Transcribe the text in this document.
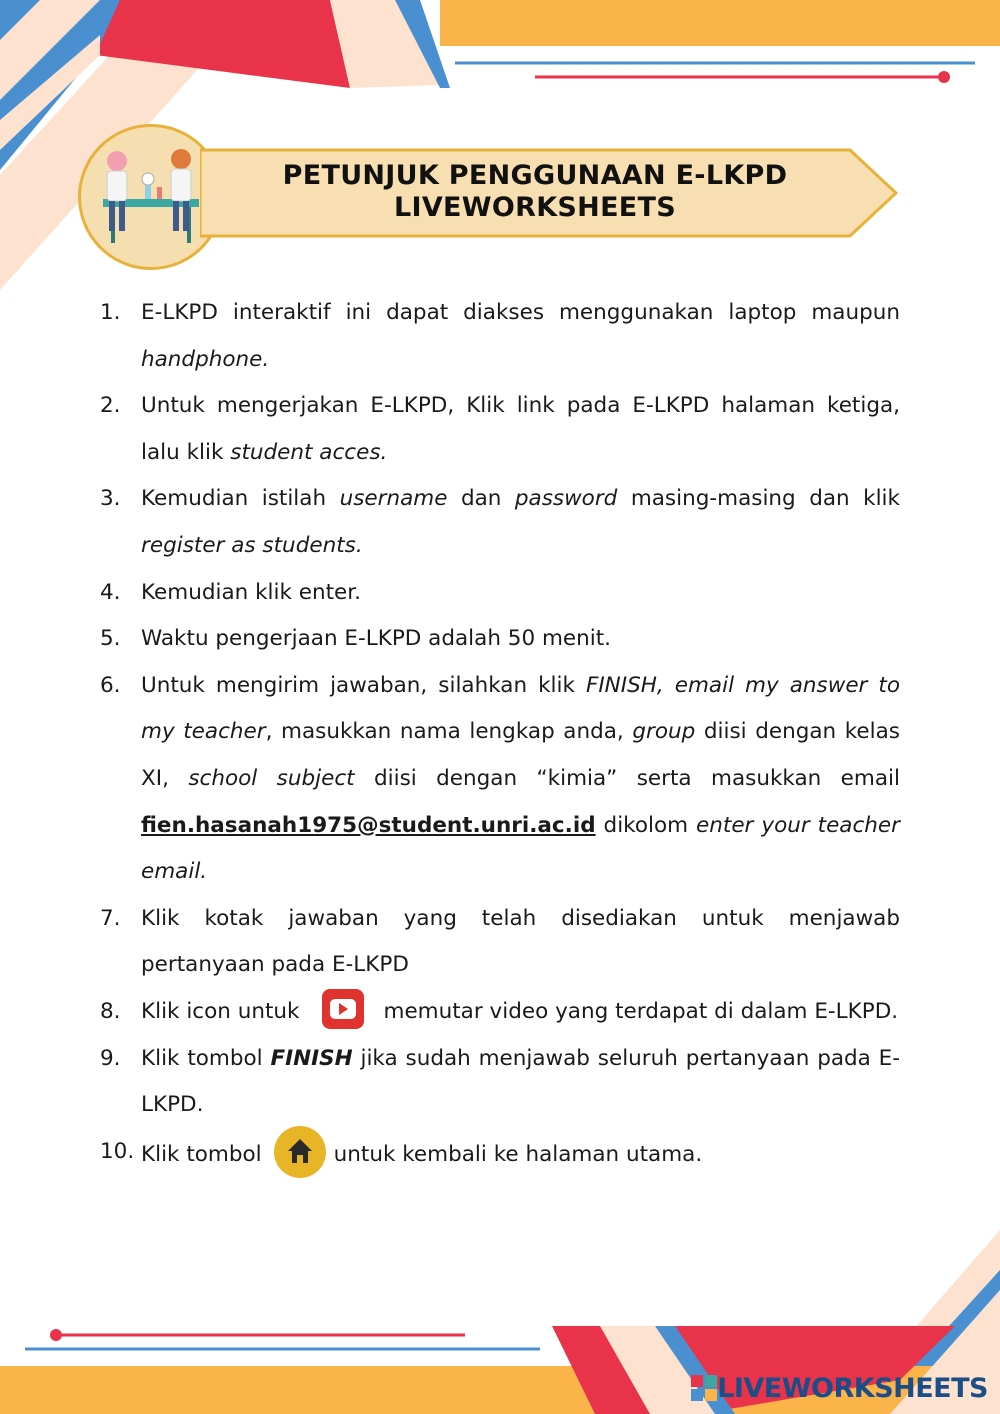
PETUNJUK PENGGUNAAN E-LKPD
LIVEWORKSHEETS
1. E-LKPD interaktif ini dapat diakses menggunakan laptop maupun handphone.
2. Untuk mengerjakan E-LKPD, Klik link pada E-LKPD halaman ketiga, lalu klik student acces.
3. Kemudian istilah username dan password masing-masing dan klik register as students.
4. Kemudian klik enter.
5. Waktu pengerjaan E-LKPD adalah 50 menit.
6. Untuk mengirim jawaban, silahkan klik FINISH, email my answer to my teacher, masukkan nama lengkap anda, group diisi dengan kelas XI, school subject diisi dengan “kimia” serta masukkan email fien.hasanah1975@student.unri.ac.id dikolom enter your teacher email.
7. Klik kotak jawaban yang telah disediakan untuk menjawab pertanyaan pada E-LKPD
8. Klik icon untuk	memutar video yang terdapat di dalam E-LKPD.
9. Klik tombol FINISH jika sudah menjawab seluruh pertanyaan pada E-LKPD.
10. Klik tombol	untuk kembali ke halaman utama.
LIVEWORKSHEETS
